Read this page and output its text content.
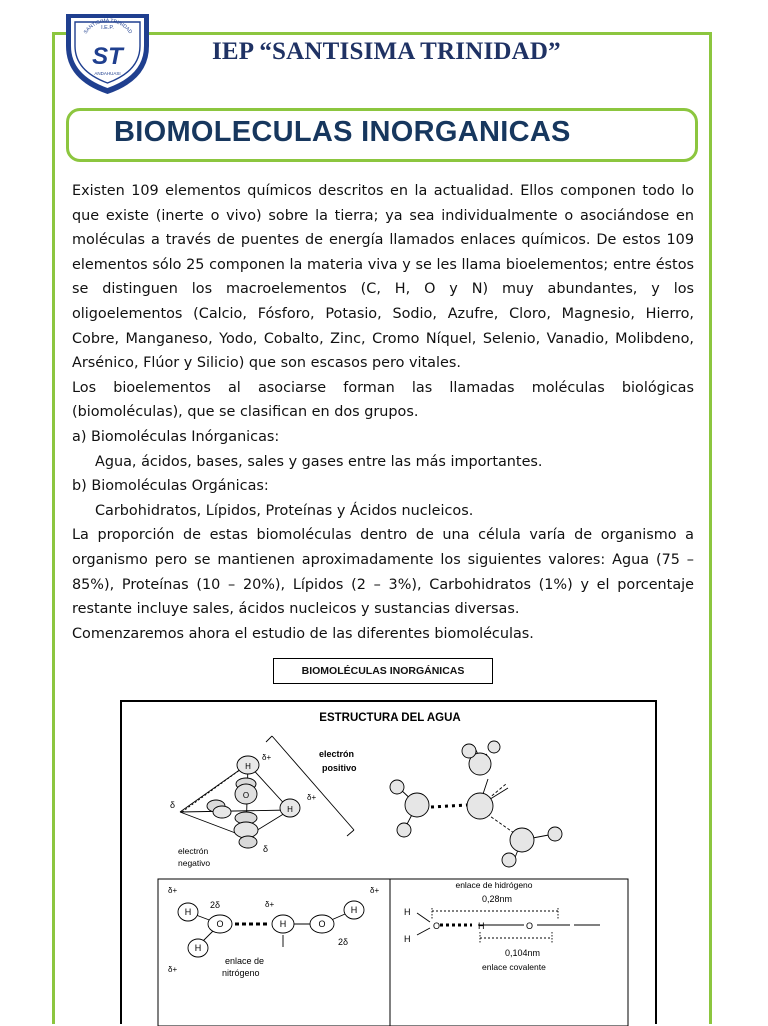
I.E.P.
SANTISIMA TRINIDAD
ST
ANDAHUASI
IEP “SANTISIMA TRINIDAD”
BIOMOLECULAS INORGANICAS

Existen 109 elementos químicos descritos en la actualidad. Ellos componen todo lo que existe (inerte o vivo) sobre la tierra; ya sea individualmente o asociándose en moléculas a través de puentes de energía llamados enlaces químicos. De estos 109 elementos sólo 25 componen la materia viva y se les llama bioelementos; entre éstos se distinguen los macroelementos (C, H, O y N) muy abundantes, y los oligoelementos (Calcio, Fósforo, Potasio, Sodio, Azufre, Cloro, Magnesio, Hierro, Cobre, Manganeso, Yodo, Cobalto, Zinc, Cromo Níquel, Selenio, Vanadio, Molibdeno, Arsénico, Flúor y Silicio) que son escasos pero vitales.

Los bioelementos al asociarse forman las llamadas moléculas biológicas (biomoléculas), que se clasifican en dos grupos.

a) Biomoléculas Inórganicas:

Agua, ácidos, bases, sales y gases entre las más importantes.

b) Biomoléculas Orgánicas:

Carbohidratos, Lípidos, Proteínas y Ácidos nucleicos.

La proporción de estas biomoléculas dentro de una célula varía de organismo a organismo pero se mantienen aproximadamente los siguientes valores: Agua (75 – 85%), Proteínas (10 – 20%), Lípidos (2 – 3%), Carbohidratos (1%) y el porcentaje restante incluye sales, ácidos nucleicos y sustancias diversas.

Comenzaremos ahora el estudio de las diferentes biomoléculas.

BIOMOLÉCULAS INORGÁNICAS
ESTRUCTURA DEL AGUA
H
O
H
δ+
δ+
δ
δ
electrón
positivo
electrón
negativo
H
O
H
H	O
H
δ+
2δ	δ+
δ+
2δ
δ+
enlace de
nitrógeno
enlace de hidrógeno
0,28nm
H
H
O	H	O
0,104nm
enlace covalente
